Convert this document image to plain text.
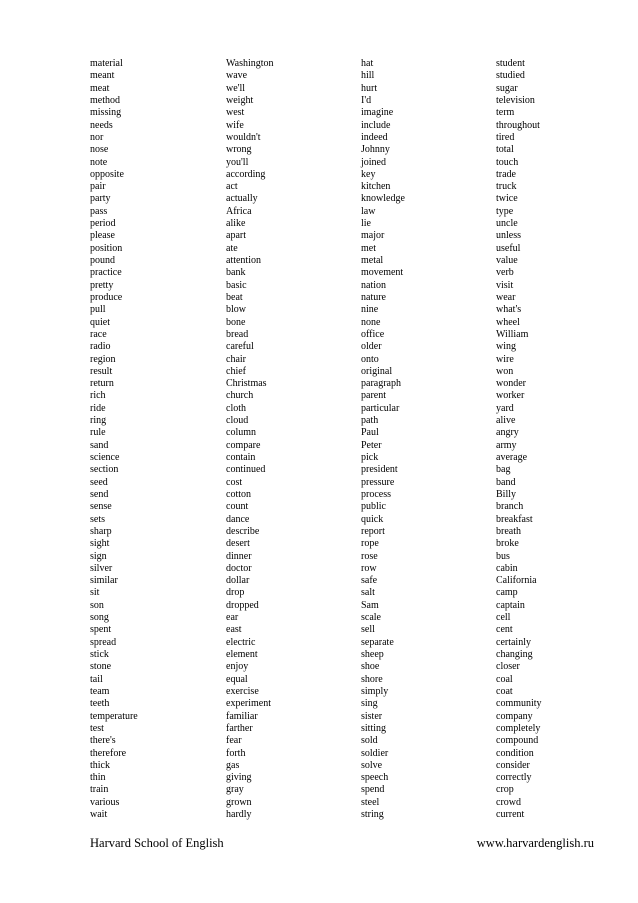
material
meant
meat
method
missing
needs
nor
nose
note
opposite
pair
party
pass
period
please
position
pound
practice
pretty
produce
pull
quiet
race
radio
region
result
return
rich
ride
ring
rule
sand
science
section
seed
send
sense
sets
sharp
sight
sign
silver
similar
sit
son
song
spent
spread
stick
stone
tail
team
teeth
temperature
test
there's
therefore
thick
thin
train
various
wait
Washington
wave
we'll
weight
west
wife
wouldn't
wrong
you'll
according
act
actually
Africa
alike
apart
ate
attention
bank
basic
beat
blow
bone
bread
careful
chair
chief
Christmas
church
cloth
cloud
column
compare
contain
continued
cost
cotton
count
dance
describe
desert
dinner
doctor
dollar
drop
dropped
ear
east
electric
element
enjoy
equal
exercise
experiment
familiar
farther
fear
forth
gas
giving
gray
grown
hardly
hat
hill
hurt
I'd
imagine
include
indeed
Johnny
joined
key
kitchen
knowledge
law
lie
major
met
metal
movement
nation
nature
nine
none
office
older
onto
original
paragraph
parent
particular
path
Paul
Peter
pick
president
pressure
process
public
quick
report
rope
rose
row
safe
salt
Sam
scale
sell
separate
sheep
shoe
shore
simply
sing
sister
sitting
sold
soldier
solve
speech
spend
steel
string
student
studied
sugar
television
term
throughout
tired
total
touch
trade
truck
twice
type
uncle
unless
useful
value
verb
visit
wear
what's
wheel
William
wing
wire
won
wonder
worker
yard
alive
angry
army
average
bag
band
Billy
branch
breakfast
breath
broke
bus
cabin
California
camp
captain
cell
cent
certainly
changing
closer
coal
coat
community
company
completely
compound
condition
consider
correctly
crop
crowd
current
Harvard School of English	www.harvardenglish.ru
